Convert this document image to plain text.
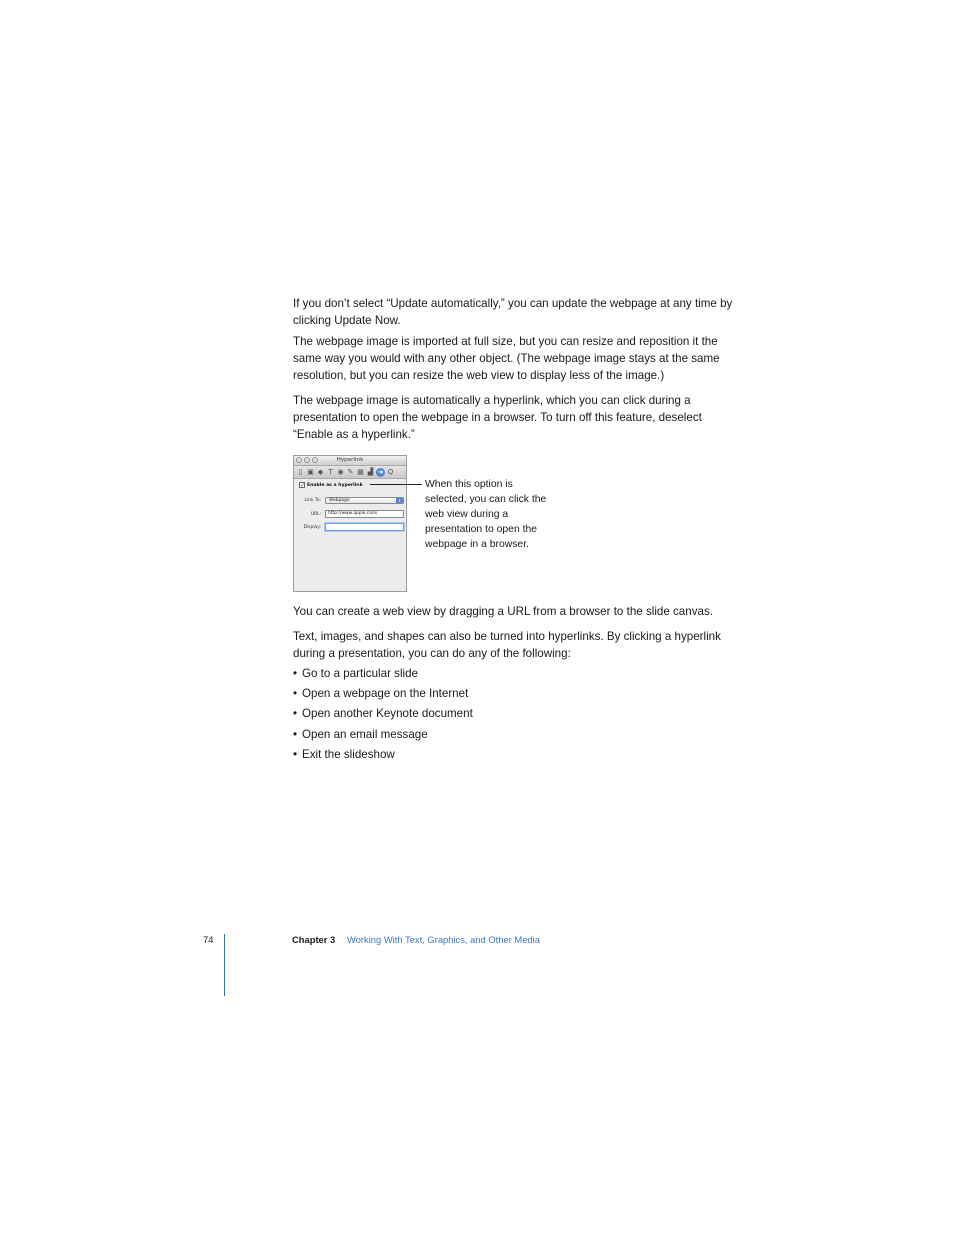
If you don’t select “Update automatically,” you can update the webpage at any time by clicking Update Now.

The webpage image is imported at full size, but you can resize and reposition it the same way you would with any other object. (The webpage image stays at the same resolution, but you can resize the web view to display less of the image.)

The webpage image is automatically a hyperlink, which you can click during a presentation to open the webpage in a browser. To turn off this feature, deselect “Enable as a hyperlink.”

Hyperlink
▯ ▣ ◆ T ◉ ✎ ▦ ▟ ➜ Q
✓ Enable as a hyperlink
Link To:	Webpage	⇕
URL:	http://www.apple.com/
Display:

When this option is selected, you can click the web view during a presentation to open the webpage in a browser.

You can create a web view by dragging a URL from a browser to the slide canvas.

Text, images, and shapes can also be turned into hyperlinks. By clicking a hyperlink during a presentation, you can do any of the following:

• Go to a particular slide
• Open a webpage on the Internet
• Open another Keynote document
• Open an email message
• Exit the slideshow
74	Chapter 3 Working With Text, Graphics, and Other Media
